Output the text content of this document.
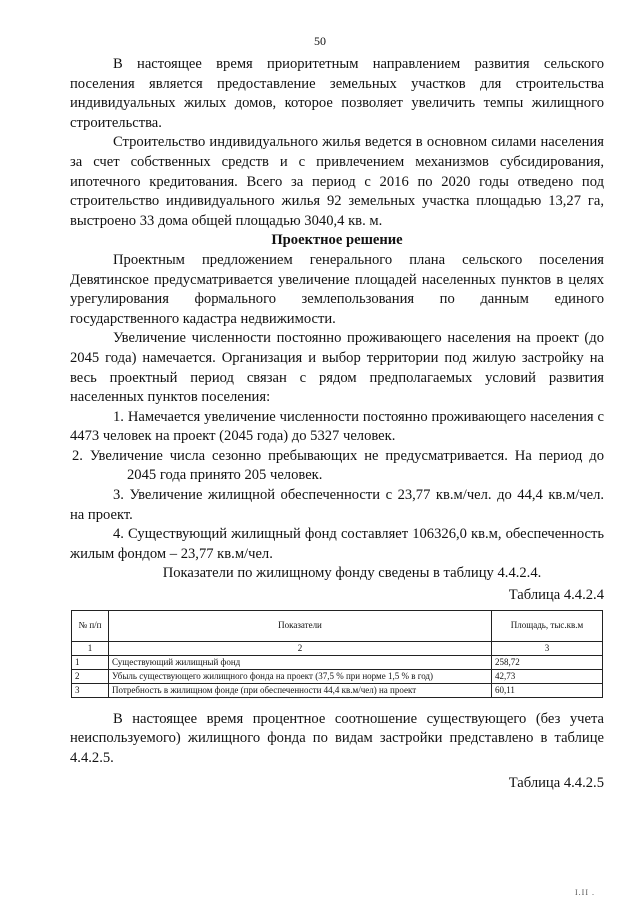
50

В настоящее время приоритетным направлением развития сельского поселения является предоставление земельных участков для строительства индивидуальных жилых домов, которое позволяет увеличить темпы жилищного строительства.

Строительство индивидуального жилья ведется в основном силами населения за счет собственных средств и с привлечением механизмов субсидирования, ипотечного кредитования. Всего за период с 2016 по 2020 годы отведено под строительство индивидуального жилья 92 земельных участка площадью 13,27 га, выстроено 33 дома общей площадью 3040,4 кв. м.

Проектное решение

Проектным предложением генерального плана сельского поселения Девятинское предусматривается увеличение площадей населенных пунктов в целях урегулирования формального землепользования по данным единого государственного кадастра недвижимости.

Увеличение численности постоянно проживающего населения на проект (до 2045 года) намечается. Организация и выбор территории под жилую застройку на весь проектный период связан с рядом предполагаемых условий развития населенных пунктов поселения:

1. Намечается увеличение численности постоянно проживающего населения с 4473 человек на проект (2045 года) до 5327 человек.

2. Увеличение числа сезонно пребывающих не предусматривается. На период до 2045 года принято 205 человек.

3. Увеличение жилищной обеспеченности с 23,77 кв.м/чел. до 44,4 кв.м/чел. на проект.

4. Существующий жилищный фонд составляет 106326,0 кв.м, обеспеченность жилым фондом – 23,77 кв.м/чел.

Показатели по жилищному фонду сведены в таблицу 4.4.2.4.

Таблица 4.4.2.4

№ п/п	Показатели	Площадь, тыс.кв.м
1	2	3
1	Существующий жилищный фонд	258,72
2	Убыль существующего жилищного фонда на проект (37,5 % при норме 1,5 % в год)	42,73
3	Потребность в жилищном фонде (при обеспеченности 44,4 кв.м/чел) на проект	60,11

В настоящее время процентное соотношение существующего (без учета неиспользуемого) жилищного фонда по видам застройки представлено в таблице 4.4.2.5.

Таблица 4.4.2.5

I.II .
